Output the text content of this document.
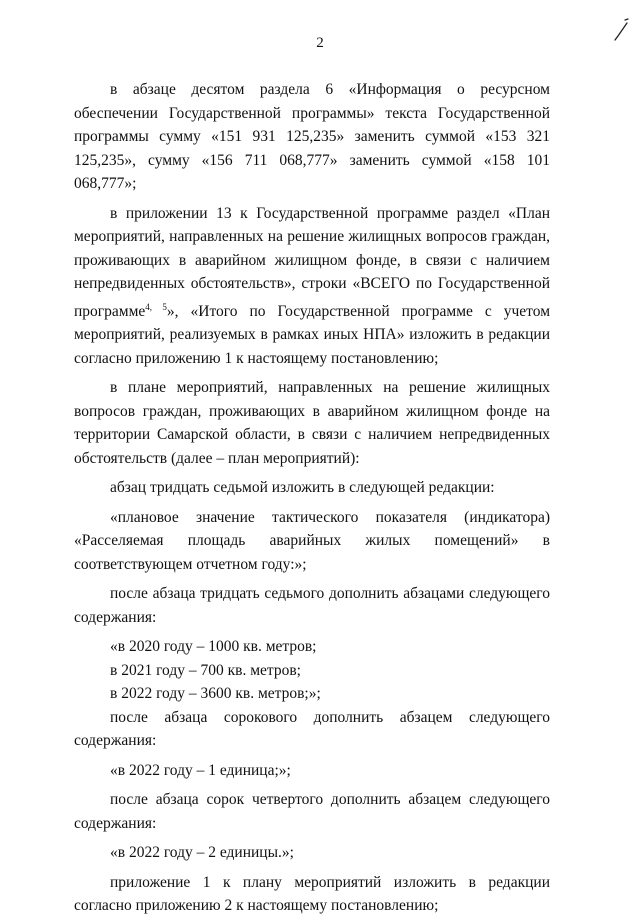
2

в абзаце десятом раздела 6 «Информация о ресурсном обеспечении Государственной программы» текста Государственной программы сумму «151 931 125,235» заменить суммой «153 321 125,235», сумму «156 711 068,777» заменить суммой «158 101 068,777»;

в приложении 13 к Государственной программе раздел «План мероприятий, направленных на решение жилищных вопросов граждан, проживающих в аварийном жилищном фонде, в связи с наличием непредвиденных обстоятельств», строки «ВСЕГО по Государственной программе$^{4, 5}$», «Итого по Государственной программе с учетом мероприятий, реализуемых в рамках иных НПА» изложить в редакции согласно приложению 1 к настоящему постановлению;

в плане мероприятий, направленных на решение жилищных вопросов граждан, проживающих в аварийном жилищном фонде на территории Самарской области, в связи с наличием непредвиденных обстоятельств (далее – план мероприятий):

абзац тридцать седьмой изложить в следующей редакции:

«плановое значение тактического показателя (индикатора) «Расселяемая площадь аварийных жилых помещений» в соответствующем отчетном году:»;

после абзаца тридцать седьмого дополнить абзацами следующего содержания:

«в 2020 году – 1000 кв. метров;

в 2021 году – 700 кв. метров;

в 2022 году – 3600 кв. метров;»;

после абзаца сорокового дополнить абзацем следующего содержания:

«в 2022 году – 1 единица;»;

после абзаца сорок четвертого дополнить абзацем следующего содержания:

«в 2022 году – 2 единицы.»;

приложение 1 к плану мероприятий изложить в редакции согласно приложению 2 к настоящему постановлению;
